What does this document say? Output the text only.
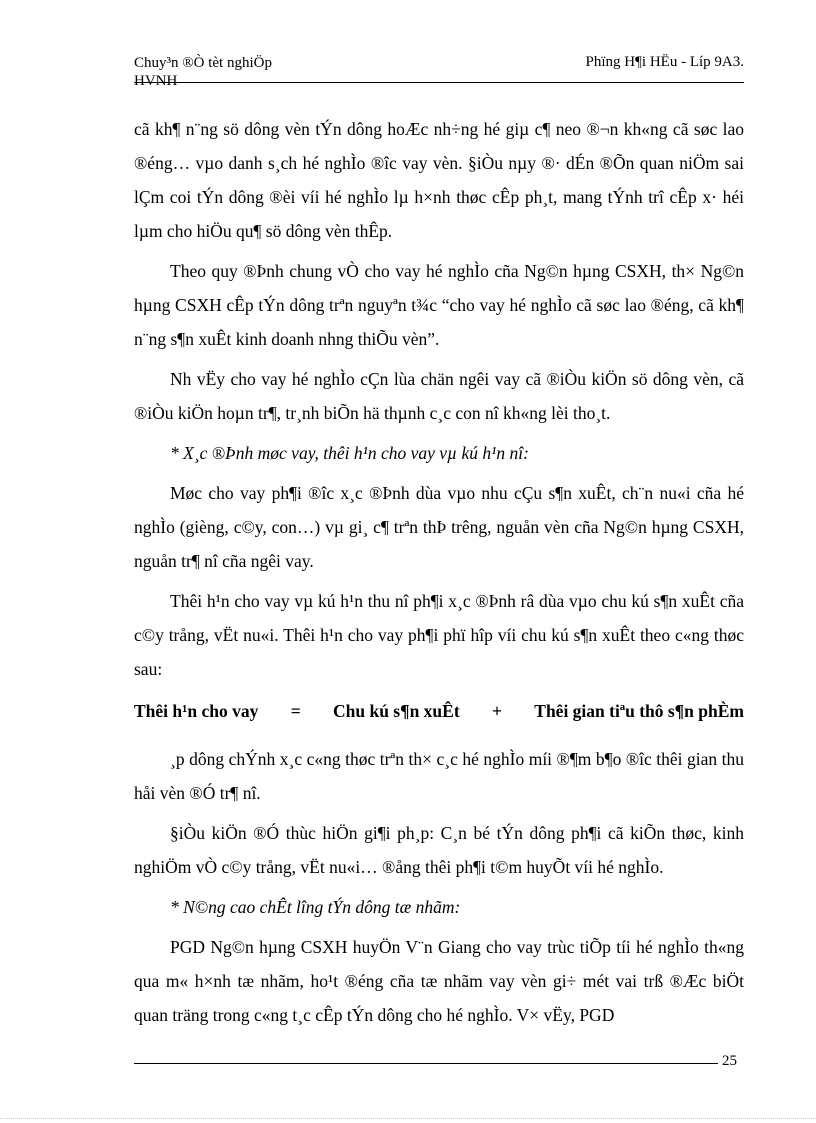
Chuy³n ®Ò tèt nghiÖp
HVNH
Phïng H¶i HËu - Líp 9A3.

cã kh¶ n¨ng sö dông vèn tÝn dông hoÆc nh÷ng hé giµ c¶ neo ®¬n kh«ng cã søc lao ®éng… vµo danh s¸ch hé nghÌo ®îc vay vèn. §iÒu nµy ®· dÉn ®Õn quan niÖm sai lÇm coi tÝn dông ®èi víi hé nghÌo lµ h×nh thøc cÊp ph¸t, mang tÝnh trî cÊp x· héi lµm cho hiÖu qu¶ sö dông vèn thÊp.

Theo quy ®Þnh chung vÒ cho vay hé nghÌo cña Ng©n hµng CSXH, th× Ng©n hµng CSXH cÊp tÝn dông trªn nguyªn t¾c “cho vay hé nghÌo cã søc lao ®éng, cã kh¶ n¨ng s¶n xuÊt kinh doanh nhng thiÕu vèn”.

Nh vËy cho vay hé nghÌo cÇn lùa chän ngêi vay cã ®iÒu kiÖn sö dông vèn, cã ®iÒu kiÖn hoµn tr¶, tr¸nh biÕn hä thµnh c¸c con nî kh«ng lèi tho¸t.

* X¸c ®Þnh møc vay, thêi h¹n cho vay vµ kú h¹n nî:

Møc cho vay ph¶i ®îc x¸c ®Þnh dùa vµo nhu cÇu s¶n xuÊt, ch¨n nu«i cña hé nghÌo (gièng, c©y, con…) vµ gi¸ c¶ trªn thÞ trêng, nguån vèn cña Ng©n hµng CSXH, nguån tr¶ nî cña ngêi vay.

Thêi h¹n cho vay vµ kú h¹n thu nî ph¶i x¸c ®Þnh râ dùa vµo chu kú s¶n xuÊt cña c©y trång, vËt nu«i. Thêi h¹n cho vay ph¶i phï hîp víi chu kú s¶n xuÊt theo c«ng thøc sau:

Thêi h¹n cho vay = Chu kú s¶n xuÊt + Thêi gian tiªu thô s¶n phÈm

¸p dông chÝnh x¸c c«ng thøc trªn th× c¸c hé nghÌo míi ®¶m b¶o ®îc thêi gian thu håi vèn ®Ó tr¶ nî.

§iÒu kiÖn ®Ó thùc hiÖn gi¶i ph¸p: C¸n bé tÝn dông ph¶i cã kiÕn thøc, kinh nghiÖm vÒ c©y trång, vËt nu«i… ®ång thêi ph¶i t©m huyÕt víi hé nghÌo.

* N©ng cao chÊt lîng tÝn dông tæ nhãm:

PGD Ng©n hµng CSXH huyÖn V¨n Giang cho vay trùc tiÕp tíi hé nghÌo th«ng qua m« h×nh tæ nhãm, ho¹t ®éng cña tæ nhãm vay vèn gi÷ mét vai trß ®Æc biÖt quan träng trong c«ng t¸c cÊp tÝn dông cho hé nghÌo. V× vËy, PGD

25
